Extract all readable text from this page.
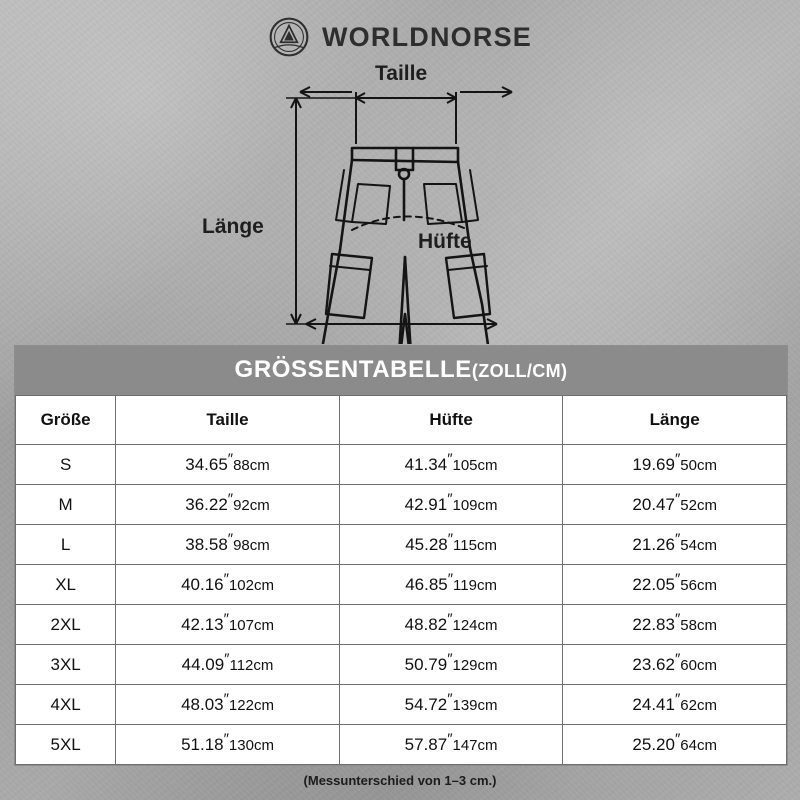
WORLDNORSE
Taille
Länge
Hüfte
GRÖSSENTABELLE(ZOLL/CM)
Größe	Taille	Hüfte	Länge
S	34.65″88cm	41.34″105cm	19.69″50cm
M	36.22″92cm	42.91″109cm	20.47″52cm
L	38.58″98cm	45.28″115cm	21.26″54cm
XL	40.16″102cm	46.85″119cm	22.05″56cm
2XL	42.13″107cm	48.82″124cm	22.83″58cm
3XL	44.09″112cm	50.79″129cm	23.62″60cm
4XL	48.03″122cm	54.72″139cm	24.41″62cm
5XL	51.18″130cm	57.87″147cm	25.20″64cm
(Messunterschied von 1–3 cm.)
